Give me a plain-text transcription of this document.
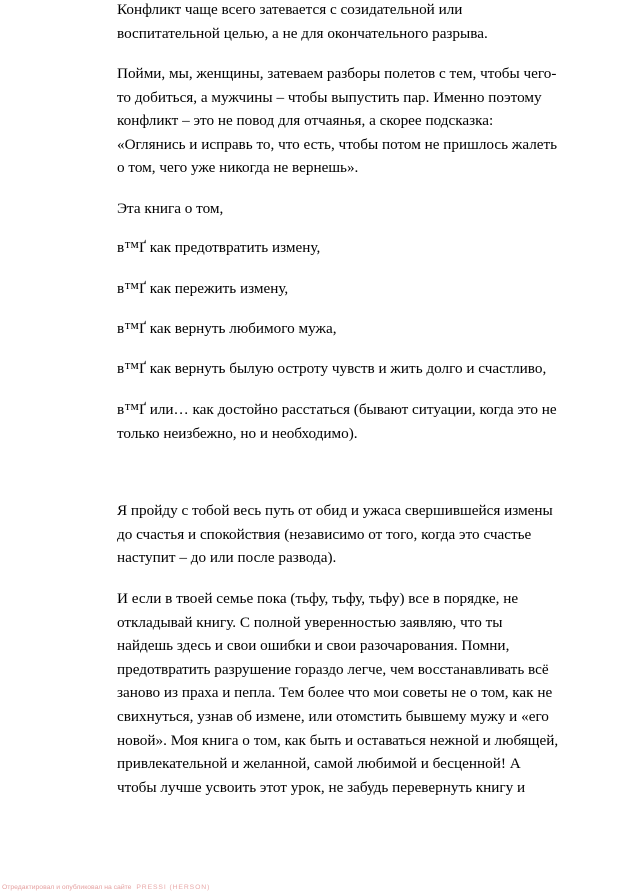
Конфликт чаще всего затевается с созидательной или
воспитательной целью, а не для окончательного разрыва.

Пойми, мы, женщины, затеваем разборы полетов с тем, чтобы чего-
то добиться, а мужчины – чтобы выпустить пар. Именно поэтому
конфликт – это не повод для отчаянья, а скорее подсказка:
«Оглянись и исправь то, что есть, чтобы потом не пришлось жалеть
о том, чего уже никогда не вернешь».

Эта книга о том,

в™Ґ как предотвратить измену,

в™Ґ как пережить измену,

в™Ґ как вернуть любимого мужа,

в™Ґ как вернуть былую остроту чувств и жить долго и счастливо,

в™Ґ или… как достойно расстаться (бывают ситуации, когда это не
только неизбежно, но и необходимо).

Я пройду с тобой весь путь от обид и ужаса свершившейся измены
до счастья и спокойствия (независимо от того, когда это счастье
наступит – до или после развода).

И если в твоей семье пока (тьфу, тьфу, тьфу) все в порядке, не
откладывай книгу. С полной уверенностью заявляю, что ты
найдешь здесь и свои ошибки и свои разочарования. Помни,
предотвратить разрушение гораздо легче, чем восстанавливать всё
заново из праха и пепла. Тем более что мои советы не о том, как не
свихнуться, узнав об измене, или отомстить бывшему мужу и «его
новой». Моя книга о том, как быть и оставаться нежной и любящей,
привлекательной и желанной, самой любимой и бесценной! А
чтобы лучше усвоить этот урок, не забудь перевернуть книгу и

Отредактировал и опубликовал на сайте PRESSI (HERSON)
